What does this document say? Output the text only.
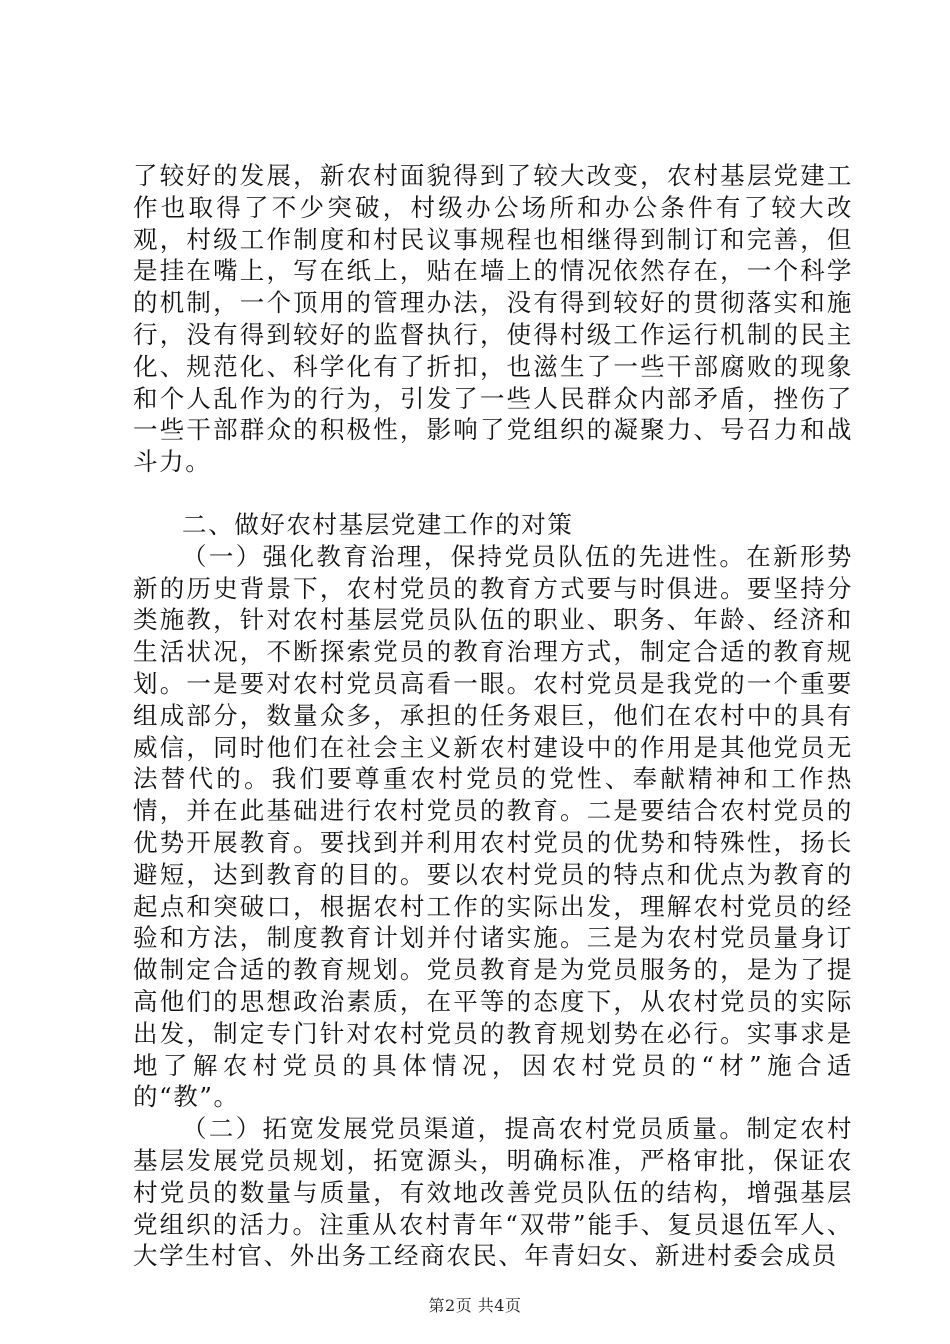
了较好的发展，新农村面貌得到了较大改变，农村基层党建工作也取得了不少突破，村级办公场所和办公条件有了较大改观，村级工作制度和村民议事规程也相继得到制订和完善，但是挂在嘴上，写在纸上，贴在墙上的情况依然存在，一个科学的机制，一个顶用的管理办法，没有得到较好的贯彻落实和施行，没有得到较好的监督执行，使得村级工作运行机制的民主化、规范化、科学化有了折扣，也滋生了一些干部腐败的现象和个人乱作为的行为，引发了一些人民群众内部矛盾，挫伤了一些干部群众的积极性，影响了党组织的凝聚力、号召力和战斗力。

二、做好农村基层党建工作的对策

（一）强化教育治理，保持党员队伍的先进性。在新形势新的历史背景下，农村党员的教育方式要与时俱进。要坚持分类施教，针对农村基层党员队伍的职业、职务、年龄、经济和生活状况，不断探索党员的教育治理方式，制定合适的教育规划。一是要对农村党员高看一眼。农村党员是我党的一个重要组成部分，数量众多，承担的任务艰巨，他们在农村中的具有威信，同时他们在社会主义新农村建设中的作用是其他党员无法替代的。我们要尊重农村党员的党性、奉献精神和工作热情，并在此基础进行农村党员的教育。二是要结合农村党员的优势开展教育。要找到并利用农村党员的优势和特殊性，扬长避短，达到教育的目的。要以农村党员的特点和优点为教育的起点和突破口，根据农村工作的实际出发，理解农村党员的经验和方法，制度教育计划并付诸实施。三是为农村党员量身订做制定合适的教育规划。党员教育是为党员服务的，是为了提高他们的思想政治素质，在平等的态度下，从农村党员的实际出发，制定专门针对农村党员的教育规划势在必行。实事求是地了解农村党员的具体情况，因农村党员的“材”施合适的“教”。

（二）拓宽发展党员渠道，提高农村党员质量。制定农村基层发展党员规划，拓宽源头，明确标准，严格审批，保证农村党员的数量与质量，有效地改善党员队伍的结构，增强基层党组织的活力。注重从农村青年“双带”能手、复员退伍军人、大学生村官、外出务工经商农民、年青妇女、新进村委会成员

第2页 共4页
